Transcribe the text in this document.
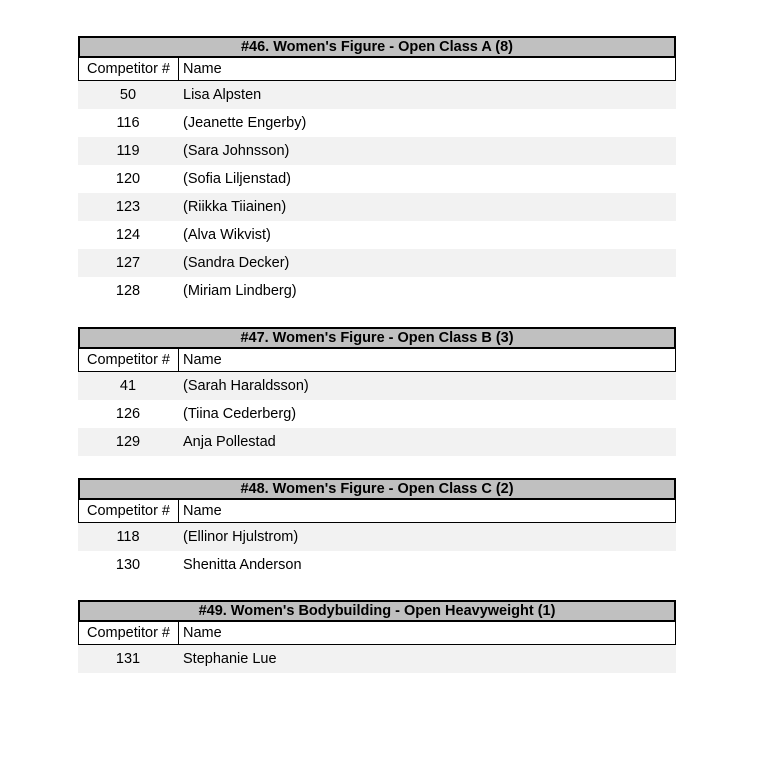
#46. Women's Figure - Open Class A (8)
Competitor # Name
50	Lisa Alpsten
116	(Jeanette Engerby)
119	(Sara Johnsson)
120	(Sofia Liljenstad)
123	(Riikka Tiiainen)
124	(Alva Wikvist)
127	(Sandra Decker)
128	(Miriam Lindberg)
#47. Women's Figure - Open Class B (3)
Competitor # Name
41	(Sarah Haraldsson)
126	(Tiina Cederberg)
129	Anja Pollestad
#48. Women's Figure - Open Class C (2)
Competitor # Name
118	(Ellinor Hjulstrom)
130	Shenitta Anderson
#49. Women's Bodybuilding - Open Heavyweight (1)
Competitor # Name
131	Stephanie Lue
